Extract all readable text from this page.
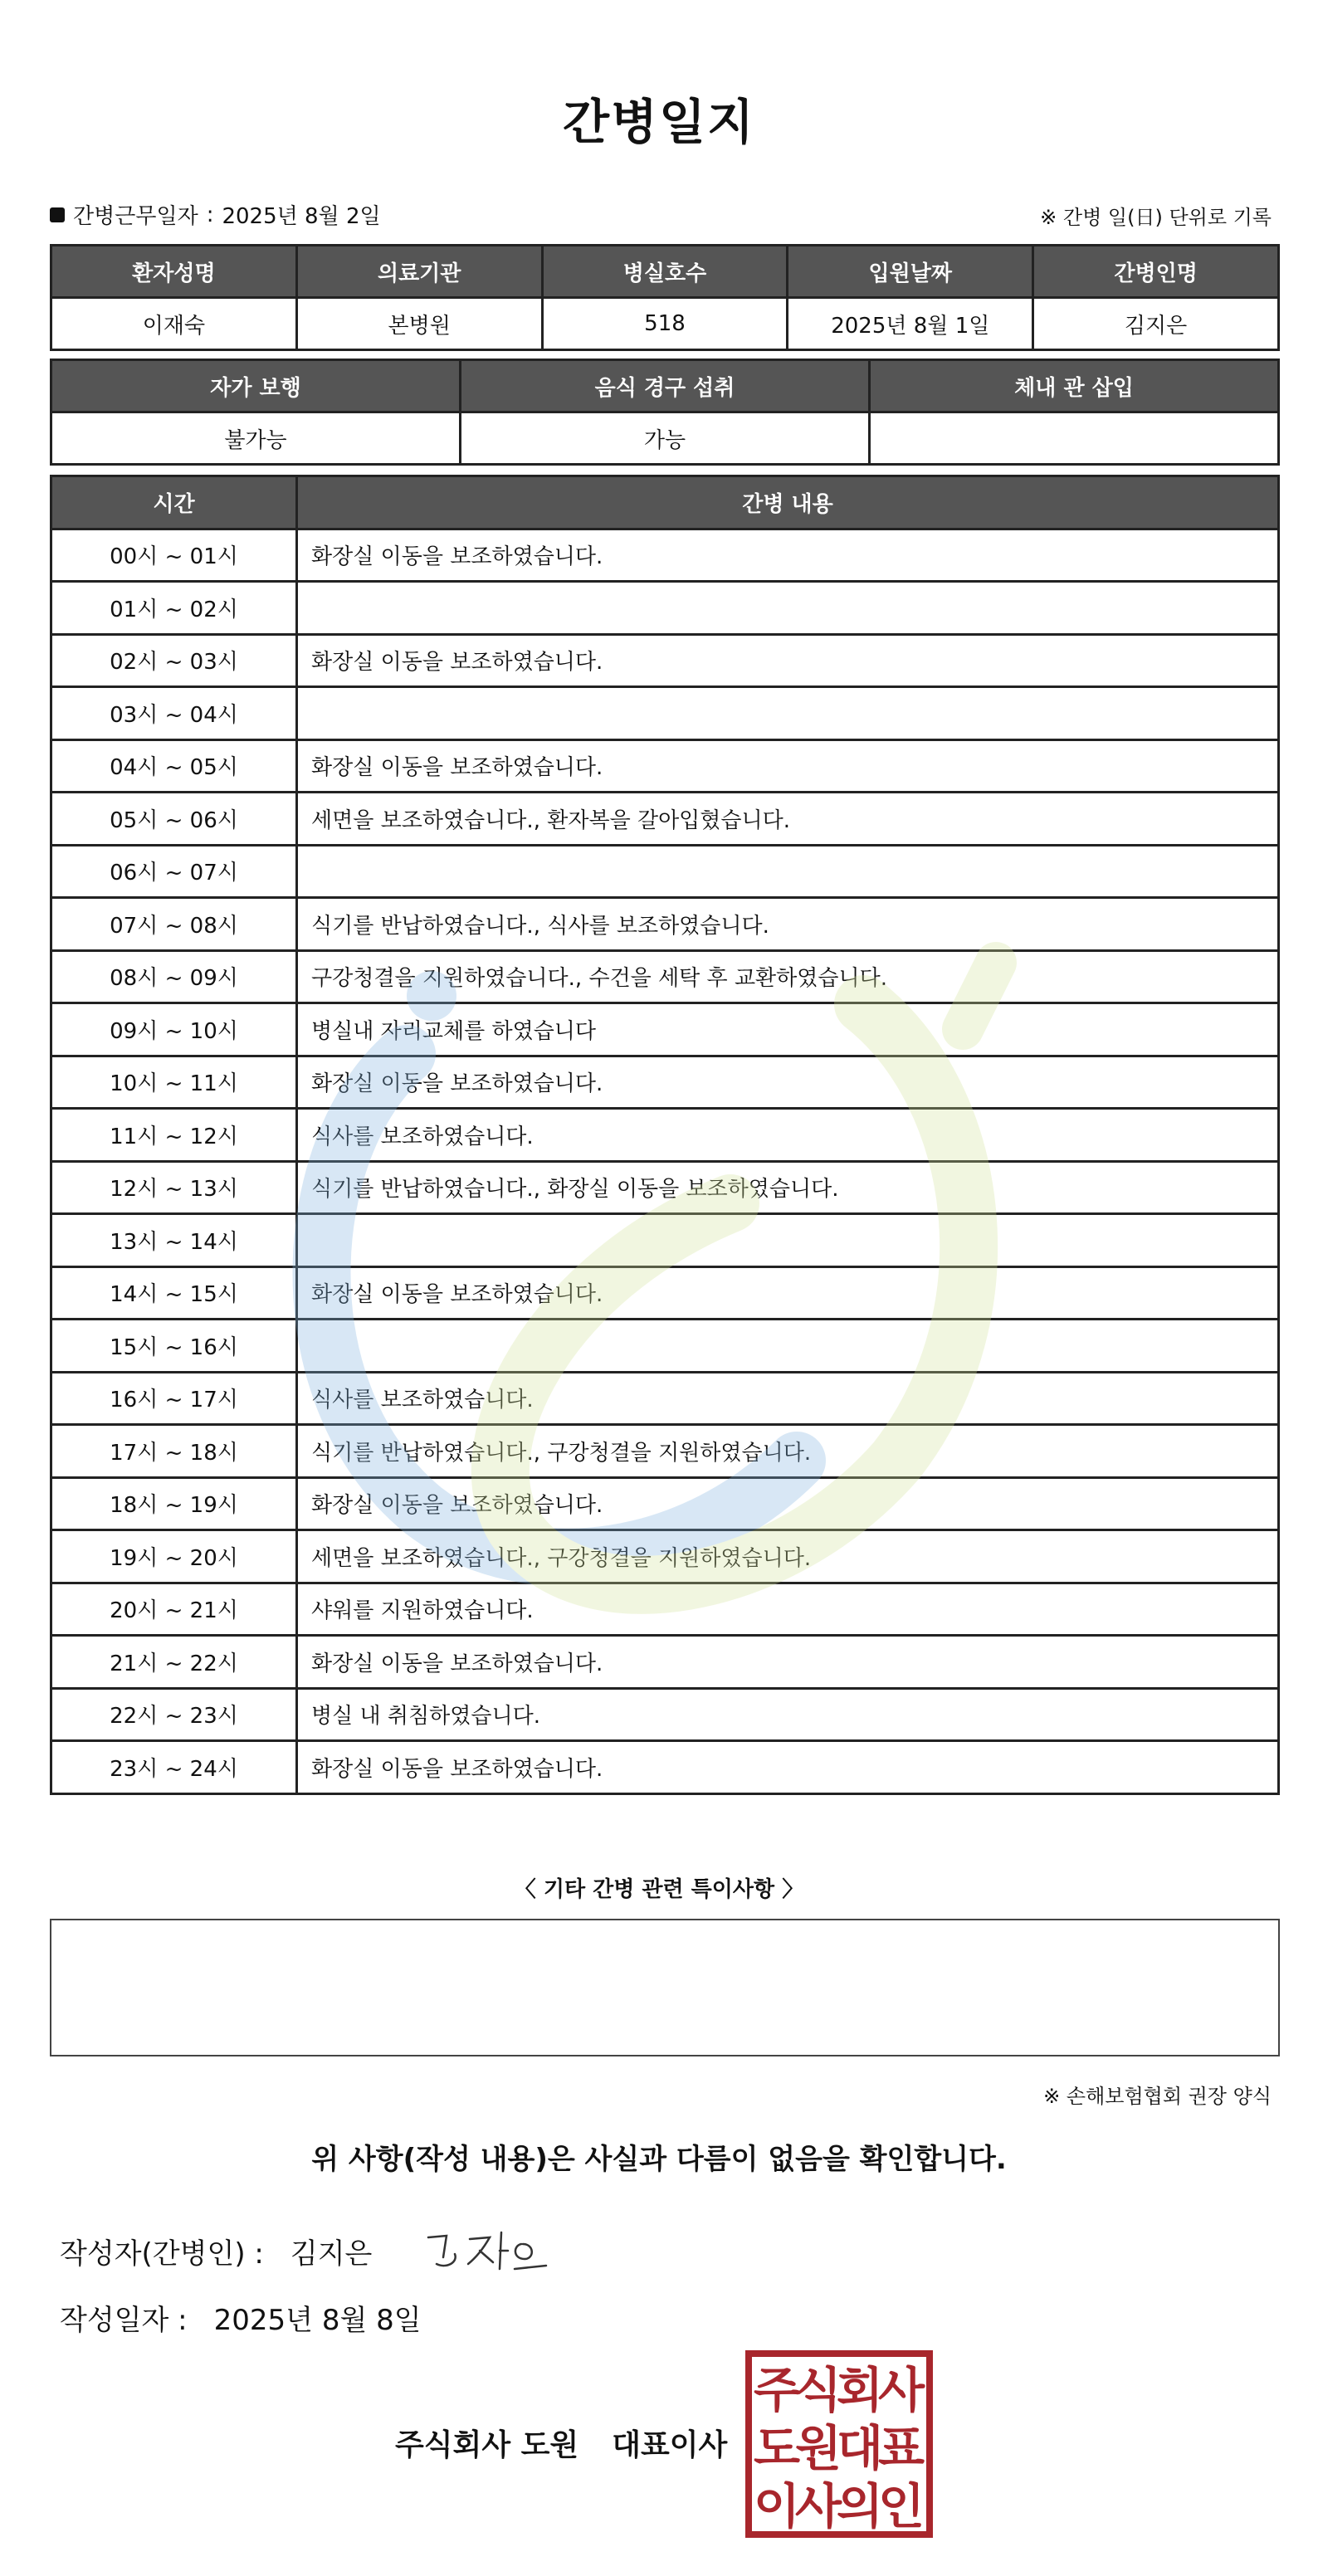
간병일지
간병근무일자 : 2025년 8월 2일	※ 간병 일(日) 단위로 기록
환자성명	의료기관	병실호수	입원날짜	간병인명
이재숙	본병원	518	2025년 8월 1일	김지은
자가 보행	음식 경구 섭취	체내 관 삽입
불가능	가능	
시간	간병 내용
00시 ~ 01시	화장실 이동을 보조하였습니다.
01시 ~ 02시	
02시 ~ 03시	화장실 이동을 보조하였습니다.
03시 ~ 04시	
04시 ~ 05시	화장실 이동을 보조하였습니다.
05시 ~ 06시	세면을 보조하였습니다., 환자복을 갈아입혔습니다.
06시 ~ 07시	
07시 ~ 08시	식기를 반납하였습니다., 식사를 보조하였습니다.
08시 ~ 09시	구강청결을 지원하였습니다., 수건을 세탁 후 교환하였습니다.
09시 ~ 10시	병실내 자리교체를 하였습니다
10시 ~ 11시	화장실 이동을 보조하였습니다.
11시 ~ 12시	식사를 보조하였습니다.
12시 ~ 13시	식기를 반납하였습니다., 화장실 이동을 보조하였습니다.
13시 ~ 14시	
14시 ~ 15시	화장실 이동을 보조하였습니다.
15시 ~ 16시	
16시 ~ 17시	식사를 보조하였습니다.
17시 ~ 18시	식기를 반납하였습니다., 구강청결을 지원하였습니다.
18시 ~ 19시	화장실 이동을 보조하였습니다.
19시 ~ 20시	세면을 보조하였습니다., 구강청결을 지원하였습니다.
20시 ~ 21시	샤워를 지원하였습니다.
21시 ~ 22시	화장실 이동을 보조하였습니다.
22시 ~ 23시	병실 내 취침하였습니다.
23시 ~ 24시	화장실 이동을 보조하였습니다.
〈 기타 간병 관련 특이사항 〉
※ 손해보험협회 권장 양식
위 사항(작성 내용)은 사실과 다름이 없음을 확인합니다.
작성자(간병인) : 김지은
작성일자 : 2025년 8월 8일
주식회사 도원 대표이사
주
식
회
사
도
원
대
표
이
사
의
인
